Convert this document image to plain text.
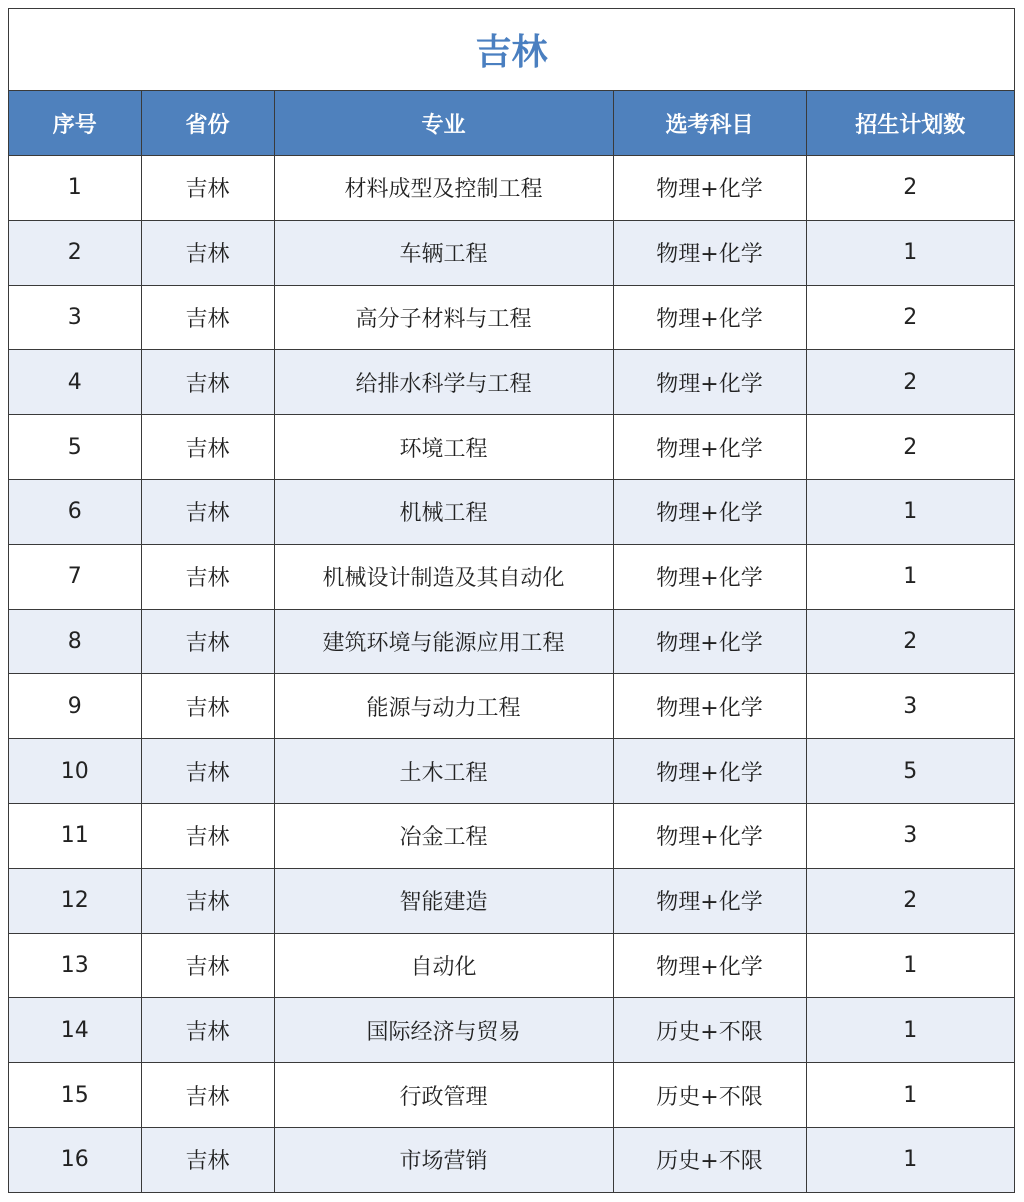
吉林
序号	省份	专业	选考科目	招生计划数
1	吉林	材料成型及控制工程	物理+化学	2
2	吉林	车辆工程	物理+化学	1
3	吉林	高分子材料与工程	物理+化学	2
4	吉林	给排水科学与工程	物理+化学	2
5	吉林	环境工程	物理+化学	2
6	吉林	机械工程	物理+化学	1
7	吉林	机械设计制造及其自动化	物理+化学	1
8	吉林	建筑环境与能源应用工程	物理+化学	2
9	吉林	能源与动力工程	物理+化学	3
10	吉林	土木工程	物理+化学	5
11	吉林	冶金工程	物理+化学	3
12	吉林	智能建造	物理+化学	2
13	吉林	自动化	物理+化学	1
14	吉林	国际经济与贸易	历史+不限	1
15	吉林	行政管理	历史+不限	1
16	吉林	市场营销	历史+不限	1
